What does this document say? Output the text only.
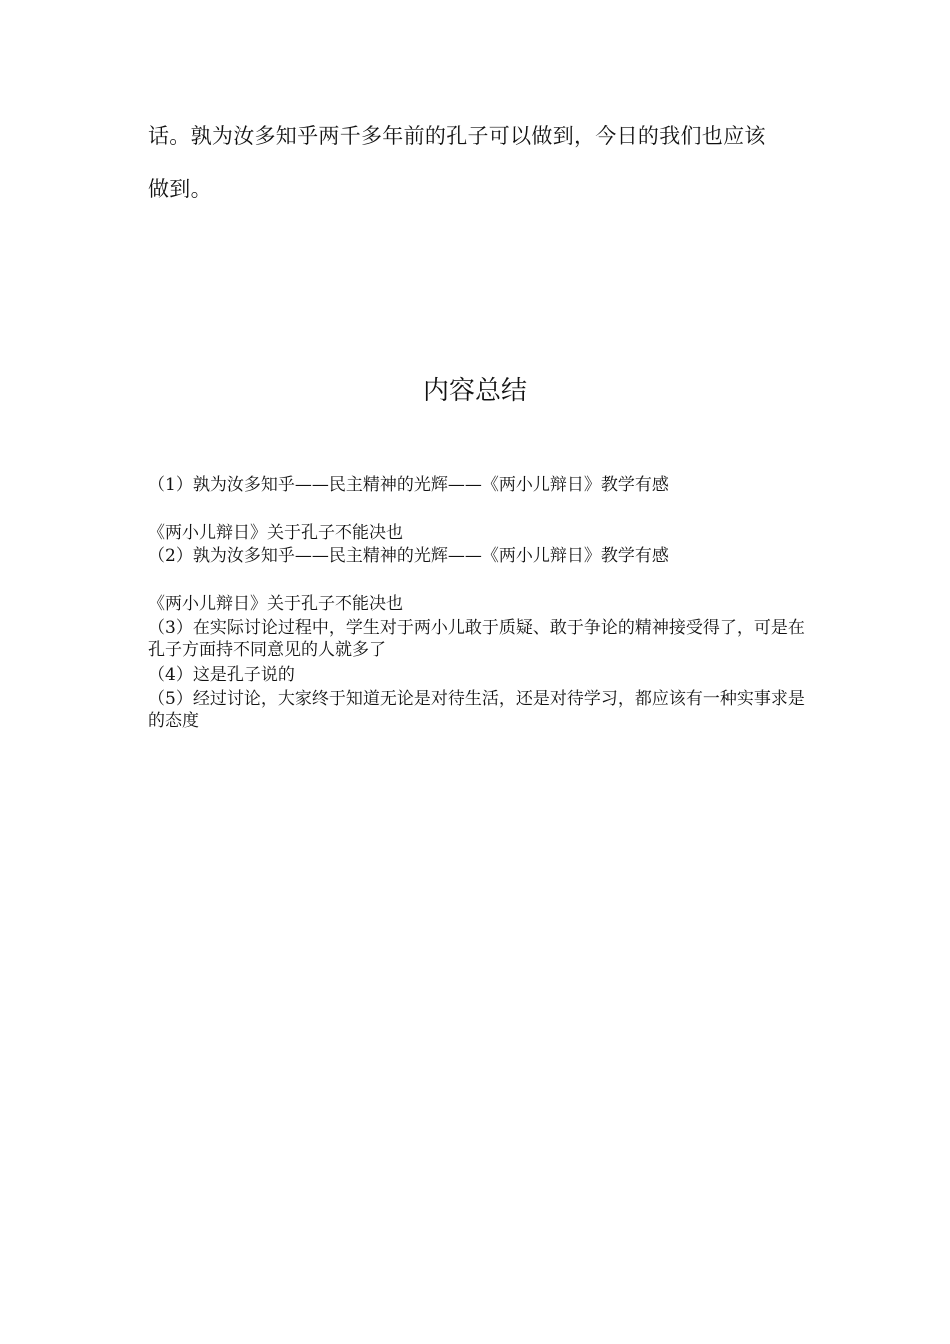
话。孰为汝多知乎两千多年前的孔子可以做到，今日的我们也应该
做到。
内容总结
（1）孰为汝多知乎——民主精神的光辉——《两小儿辩日》教学有感
《两小儿辩日》关于孔子不能决也
（2）孰为汝多知乎——民主精神的光辉——《两小儿辩日》教学有感
《两小儿辩日》关于孔子不能决也
（3）在实际讨论过程中，学生对于两小儿敢于质疑、敢于争论的精神接受得了，可是在孔子方面持不同意见的人就多了
（4）这是孔子说的
（5）经过讨论，大家终于知道无论是对待生活，还是对待学习，都应该有一种实事求是的态度
